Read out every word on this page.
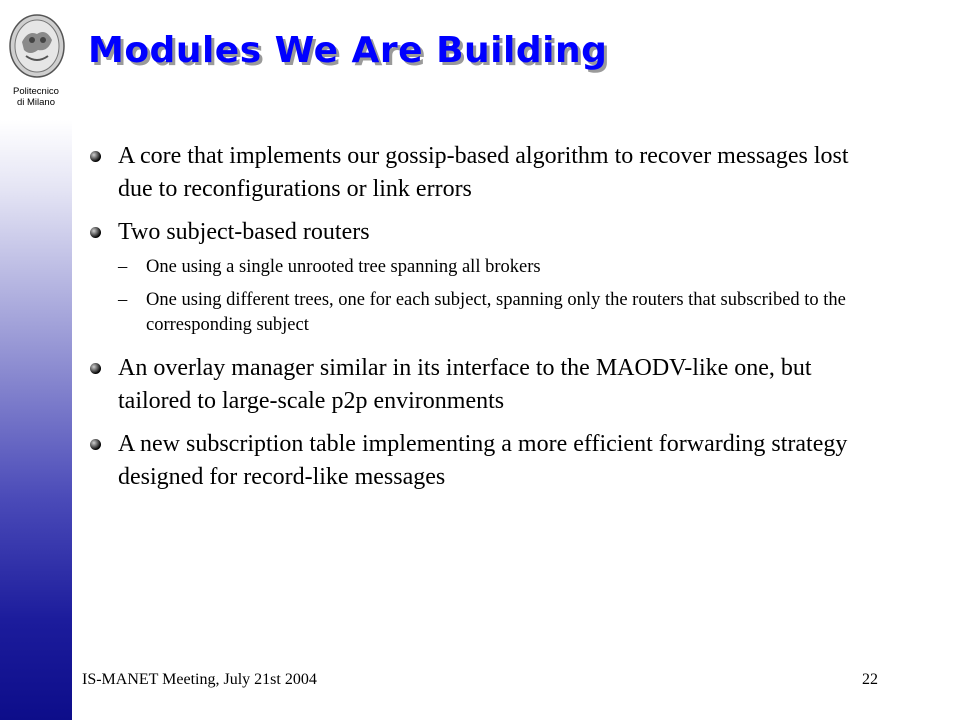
Politecnico
di Milano
Modules We Are Building

A core that implements our gossip-based algorithm to recover messages lost due to reconfigurations or link errors

Two subject-based routers

– One using a single unrooted tree spanning all brokers

– One using different trees, one for each subject, spanning only the routers that subscribed to the corresponding subject

An overlay manager similar in its interface to the MAODV-like one, but tailored to large-scale p2p environments

A new subscription table implementing a more efficient forwarding strategy designed for record-like messages

IS-MANET Meeting, July 21st 2004	22
